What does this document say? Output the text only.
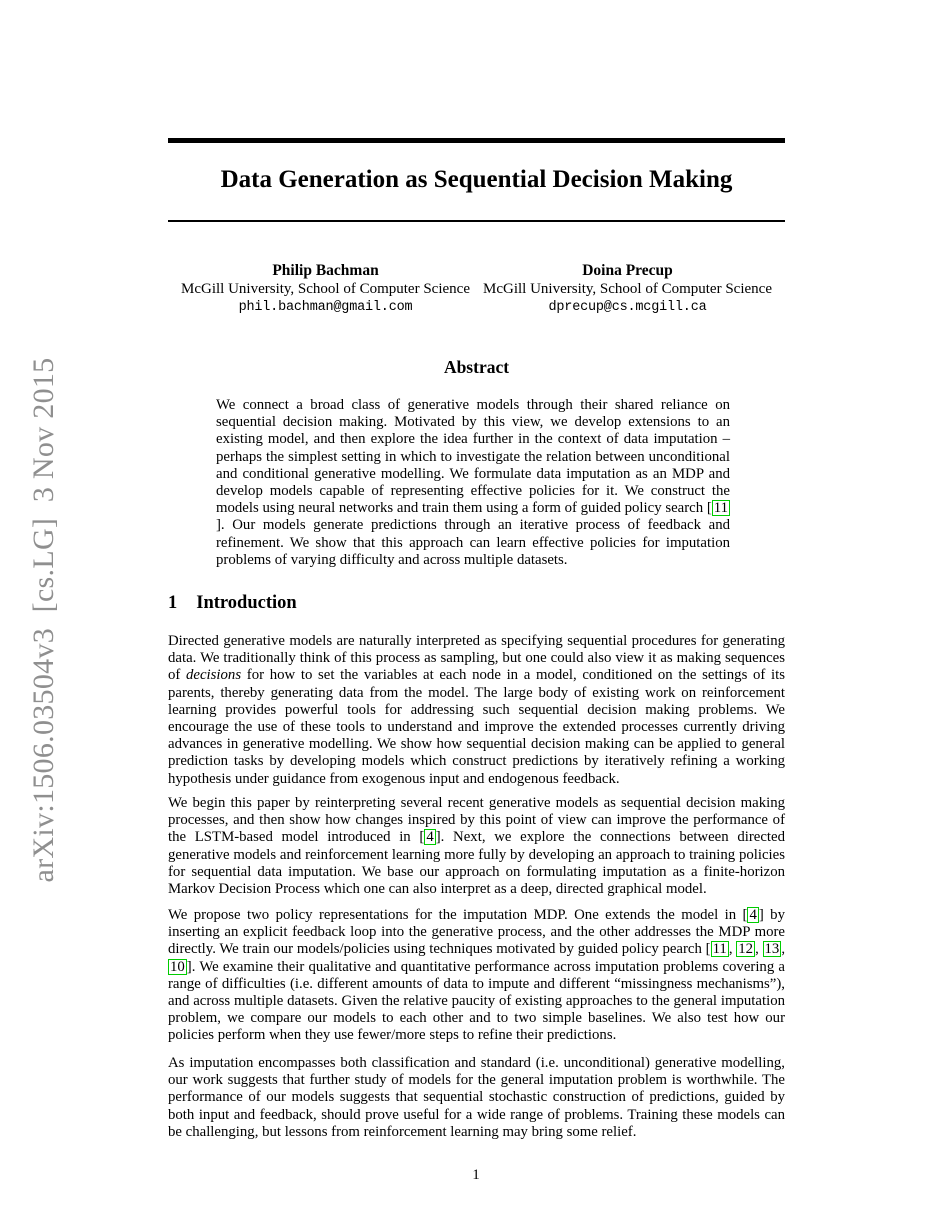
arXiv:1506.03504v3  [cs.LG]  3 Nov 2015
Data Generation as Sequential Decision Making
Philip Bachman
McGill University, School of Computer Science
phil.bachman@gmail.com
Doina Precup
McGill University, School of Computer Science
dprecup@cs.mcgill.ca
Abstract
We connect a broad class of generative models through their shared reliance on sequential decision making. Motivated by this view, we develop extensions to an existing model, and then explore the idea further in the context of data imputation – perhaps the simplest setting in which to investigate the relation between unconditional and conditional generative modelling. We formulate data imputation as an MDP and develop models capable of representing effective policies for it. We construct the models using neural networks and train them using a form of guided policy search [ 11]. Our models generate predictions through an iterative process of feedback and refinement. We show that this approach can learn effective policies for imputation problems of varying difficulty and across multiple datasets.
1 Introduction
Directed generative models are naturally interpreted as specifying sequential procedures for generating data. We traditionally think of this process as sampling, but one could also view it as making sequences of decisions for how to set the variables at each node in a model, conditioned on the settings of its parents, thereby generating data from the model. The large body of existing work on reinforcement learning provides powerful tools for addressing such sequential decision making problems. We encourage the use of these tools to understand and improve the extended processes currently driving advances in generative modelling. We show how sequential decision making can be applied to general prediction tasks by developing models which construct predictions by iteratively refining a working hypothesis under guidance from exogenous input and endogenous feedback.
We begin this paper by reinterpreting several recent generative models as sequential decision making processes, and then show how changes inspired by this point of view can improve the performance of the LSTM-based model introduced in [ 4 ]. Next, we explore the connections between directed generative models and reinforcement learning more fully by developing an approach to training policies for sequential data imputation. We base our approach on formulating imputation as a finite-horizon Markov Decision Process which one can also interpret as a deep, directed graphical model.
We propose two policy representations for the imputation MDP. One extends the model in [ 4 ] by inserting an explicit feedback loop into the generative process, and the other addresses the MDP more directly. We train our models/policies using techniques motivated by guided policy pearch [ 11 , 12 , 13 , 10 ]. We examine their qualitative and quantitative performance across imputation problems covering a range of difficulties (i.e. different amounts of data to impute and different “missingness mechanisms”), and across multiple datasets. Given the relative paucity of existing approaches to the general imputation problem, we compare our models to each other and to two simple baselines. We also test how our policies perform when they use fewer/more steps to refine their predictions.
As imputation encompasses both classification and standard (i.e. unconditional) generative modelling, our work suggests that further study of models for the general imputation problem is worthwhile. The performance of our models suggests that sequential stochastic construction of predictions, guided by both input and feedback, should prove useful for a wide range of problems. Training these models can be challenging, but lessons from reinforcement learning may bring some relief.
1
